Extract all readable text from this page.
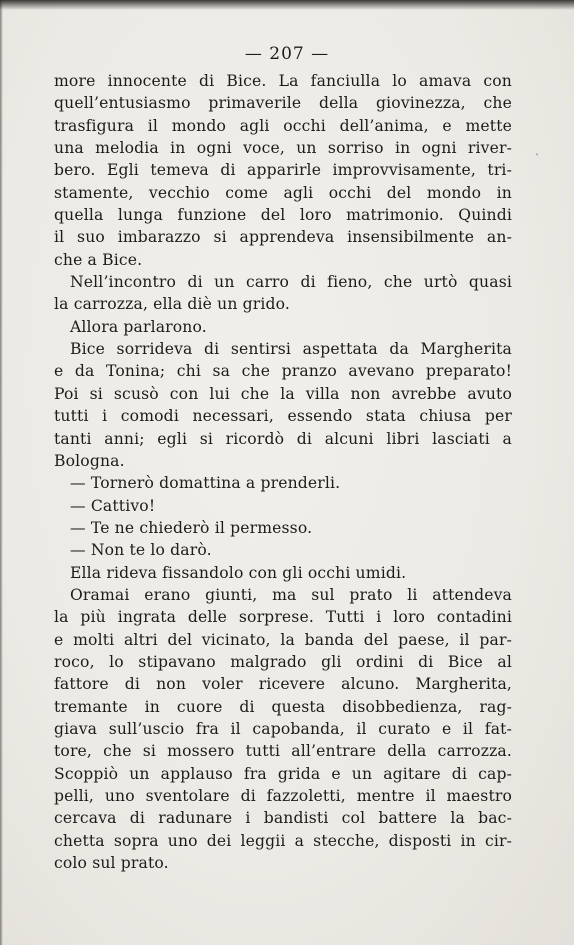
— 207 —
`
more innocente di Bice. La fanciulla lo amava con
quell’entusiasmo primaverile della giovinezza, che
trasfigura il mondo agli occhi dell’anima, e mette
una melodia in ogni voce, un sorriso in ogni river-
bero. Egli temeva di apparirle improvvisamente, tri-
stamente, vecchio come agli occhi del mondo in
quella lunga funzione del loro matrimonio. Quindi
il suo imbarazzo si apprendeva insensibilmente an-
che a Bice.
Nell’incontro di un carro di fieno, che urtò quasi
la carrozza, ella diè un grido.
Allora parlarono.
Bice sorrideva di sentirsi aspettata da Margherita
e da Tonina; chi sa che pranzo avevano preparato!
Poi si scusò con lui che la villa non avrebbe avuto
tutti i comodi necessari, essendo stata chiusa per
tanti anni; egli si ricordò di alcuni libri lasciati a
Bologna.
— Tornerò domattina a prenderli.
— Cattivo!
— Te ne chiederò il permesso.
— Non te lo darò.
Ella rideva fissandolo con gli occhi umidi.
Oramai erano giunti, ma sul prato li attendeva
la più ingrata delle sorprese. Tutti i loro contadini
e molti altri del vicinato, la banda del paese, il par-
roco, lo stipavano malgrado gli ordini di Bice al
fattore di non voler ricevere alcuno. Margherita,
tremante in cuore di questa disobbedienza, rag-
giava sull’uscio fra il capobanda, il curato e il fat-
tore, che si mossero tutti all’entrare della carrozza.
Scoppiò un applauso fra grida e un agitare di cap-
pelli, uno sventolare di fazzoletti, mentre il maestro
cercava di radunare i bandisti col battere la bac-
chetta sopra uno dei leggii a stecche, disposti in cir-
colo sul prato.
